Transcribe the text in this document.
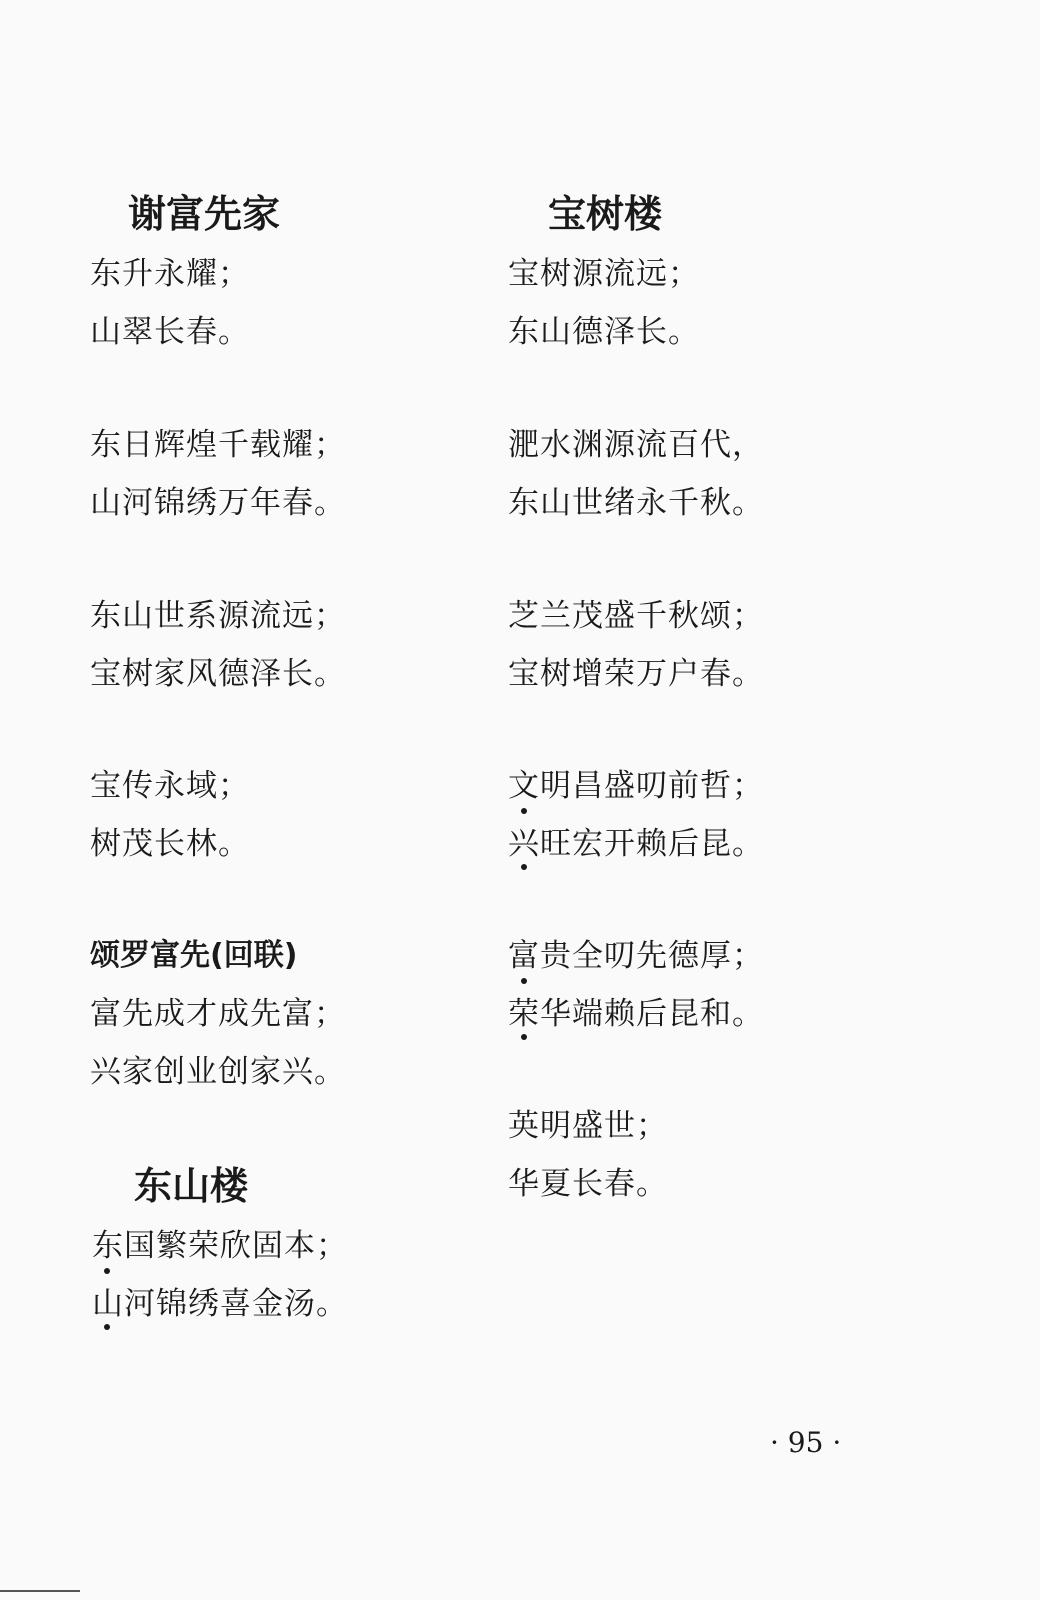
谢富先家
东升永耀；
山翠长春。
东日辉煌千载耀；
山河锦绣万年春。
东山世系源流远；
宝树家风德泽长。
宝传永域；
树茂长林。
颂罗富先(回联)
富先成才成先富；
兴家创业创家兴。
东山楼
东国繁荣欣固本；
山河锦绣喜金汤。
宝树楼
宝树源流远；
东山德泽长。
淝水渊源流百代，
东山世绪永千秋。
芝兰茂盛千秋颂；
宝树增荣万户春。
文明昌盛叨前哲；
兴旺宏开赖后昆。
富贵全叨先德厚；
荣华端赖后昆和。
英明盛世；
华夏长春。
· 95 ·
